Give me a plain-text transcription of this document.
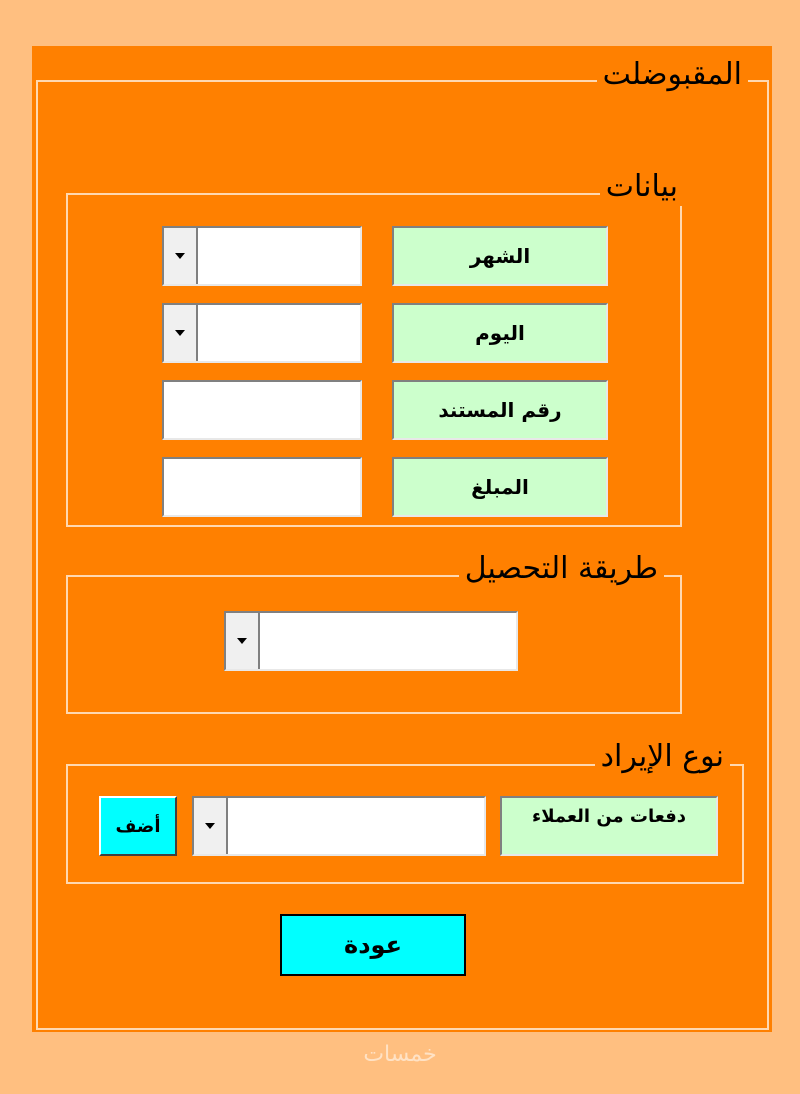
المقبوضلت
بيانات
الشهر
اليوم
رقم المستند
المبلغ
طريقة التحصيل
نوع الإيراد
دفعات من العملاء
أضف
عودة
خمسات
